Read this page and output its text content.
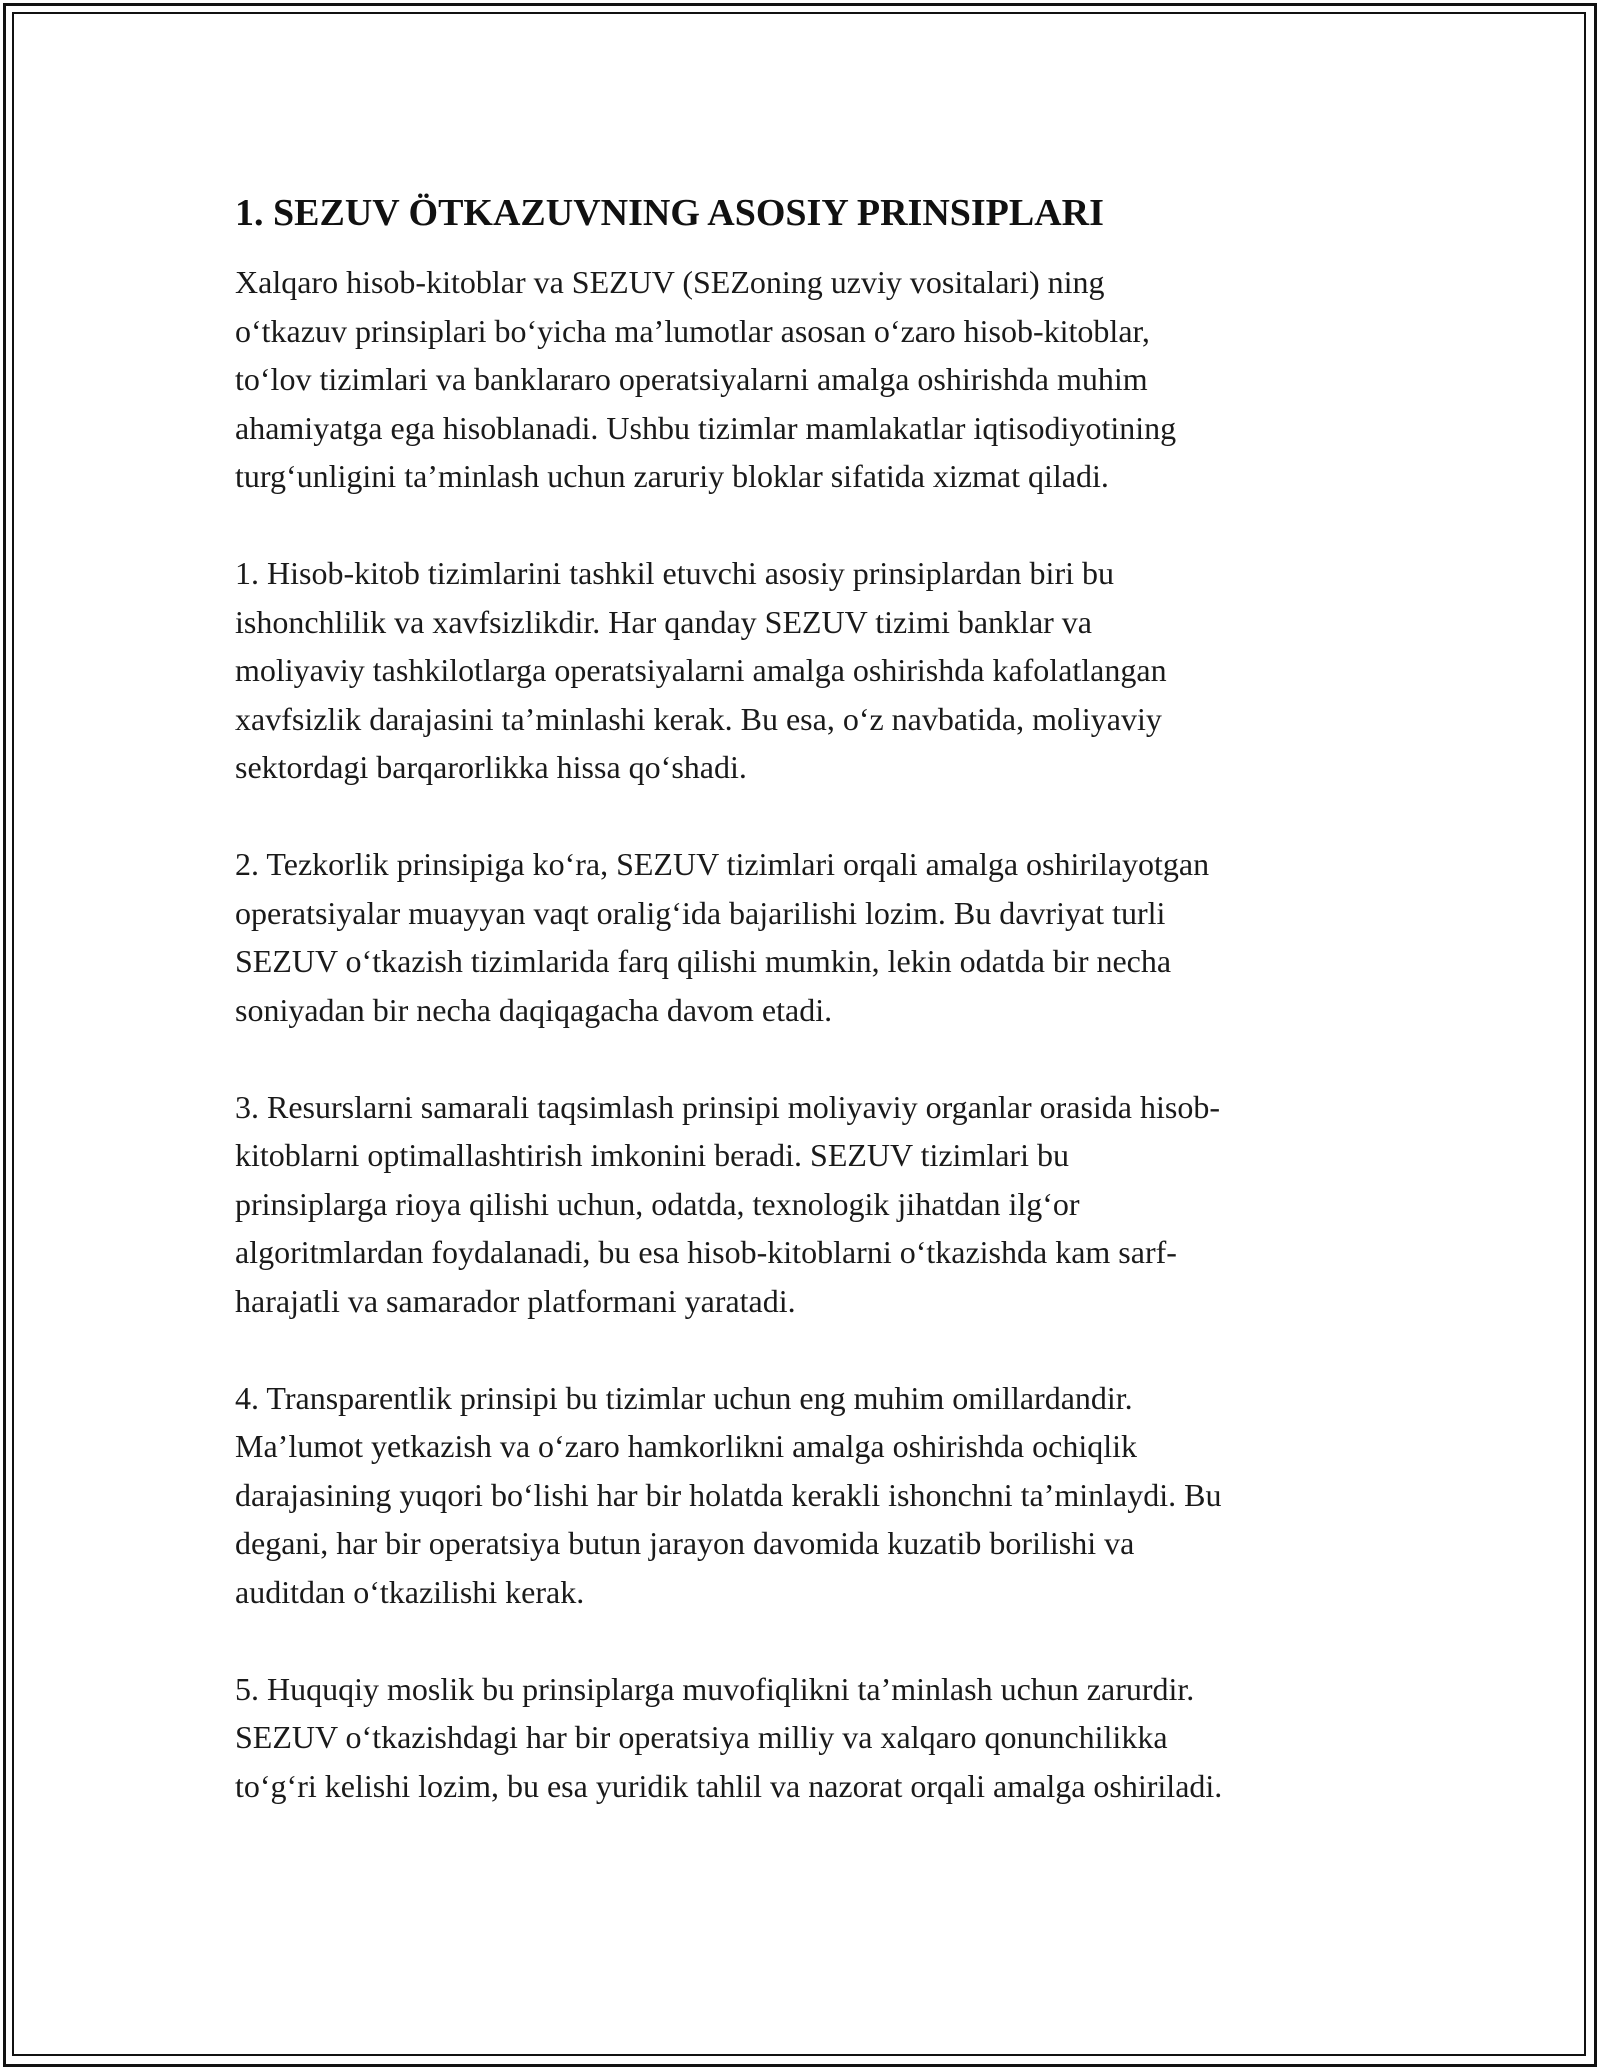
1. SEZUV ÖTKAZUVNING ASOSIY PRINSIPLARI
Xalqaro hisob-kitoblar va SEZUV (SEZoning uzviy vositalari) ning
o‘tkazuv prinsiplari bo‘yicha ma’lumotlar asosan o‘zaro hisob-kitoblar,
to‘lov tizimlari va banklararo operatsiyalarni amalga oshirishda muhim
ahamiyatga ega hisoblanadi. Ushbu tizimlar mamlakatlar iqtisodiyotining
turg‘unligini ta’minlash uchun zaruriy bloklar sifatida xizmat qiladi.
1. Hisob-kitob tizimlarini tashkil etuvchi asosiy prinsiplardan biri bu
ishonchlilik va xavfsizlikdir. Har qanday SEZUV tizimi banklar va
moliyaviy tashkilotlarga operatsiyalarni amalga oshirishda kafolatlangan
xavfsizlik darajasini ta’minlashi kerak. Bu esa, o‘z navbatida, moliyaviy
sektordagi barqarorlikka hissa qo‘shadi.
2. Tezkorlik prinsipiga ko‘ra, SEZUV tizimlari orqali amalga oshirilayotgan
operatsiyalar muayyan vaqt oralig‘ida bajarilishi lozim. Bu davriyat turli
SEZUV o‘tkazish tizimlarida farq qilishi mumkin, lekin odatda bir necha
soniyadan bir necha daqiqagacha davom etadi.
3. Resurslarni samarali taqsimlash prinsipi moliyaviy organlar orasida hisob-
kitoblarni optimallashtirish imkonini beradi. SEZUV tizimlari bu
prinsiplarga rioya qilishi uchun, odatda, texnologik jihatdan ilg‘or
algoritmlardan foydalanadi, bu esa hisob-kitoblarni o‘tkazishda kam sarf-
harajatli va samarador platformani yaratadi.
4. Transparentlik prinsipi bu tizimlar uchun eng muhim omillardandir.
Ma’lumot yetkazish va o‘zaro hamkorlikni amalga oshirishda ochiqlik
darajasining yuqori bo‘lishi har bir holatda kerakli ishonchni ta’minlaydi. Bu
degani, har bir operatsiya butun jarayon davomida kuzatib borilishi va
auditdan o‘tkazilishi kerak.
5. Huquqiy moslik bu prinsiplarga muvofiqlikni ta’minlash uchun zarurdir.
SEZUV o‘tkazishdagi har bir operatsiya milliy va xalqaro qonunchilikka
to‘g‘ri kelishi lozim, bu esa yuridik tahlil va nazorat orqali amalga oshiriladi.
